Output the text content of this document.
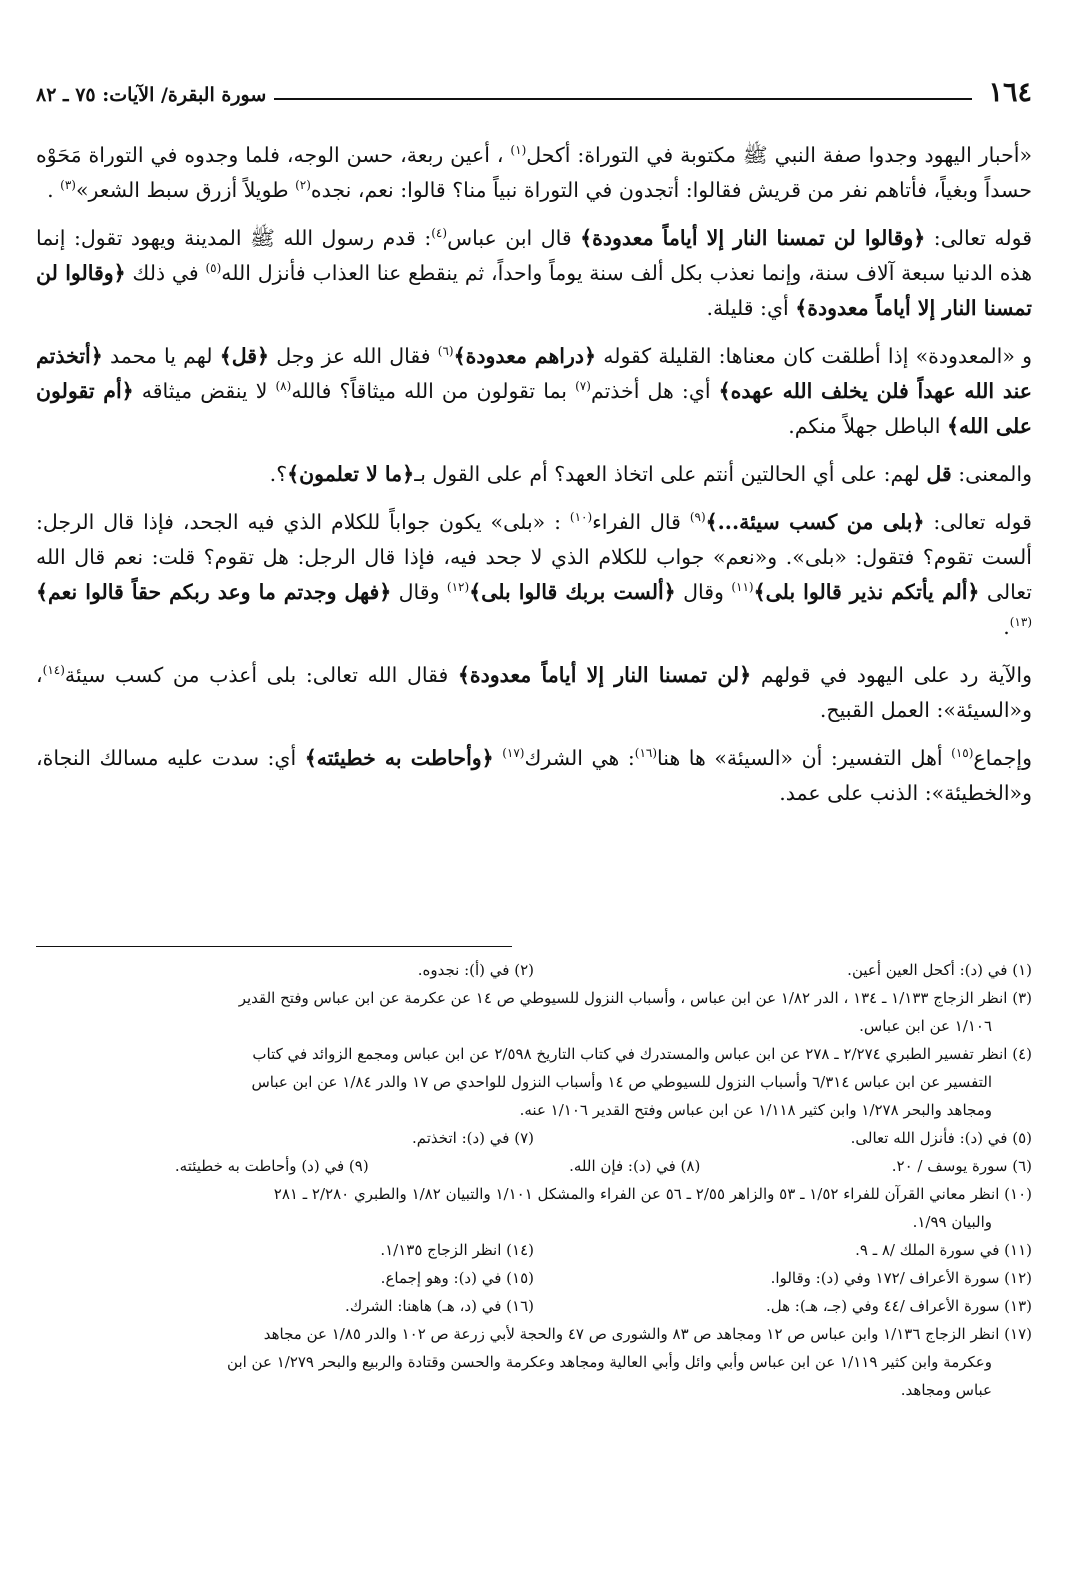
١٦٤
سورة البقرة/ الآيات: ٧٥ ـ ٨٢

«أحبار اليهود وجدوا صفة النبي ﷺ مكتوبة في التوراة: أكحل$^{(١)}$ ، أعين ربعة، حسن الوجه، فلما وجدوه في التوراة مَحَوْه حسداً وبغياً، فأتاهم نفر من قريش فقالوا: أتجدون في التوراة نبياً منا؟ قالوا: نعم، نجده$^{(٢)}$ طويلاً أزرق سبط الشعر»$^{(٣)}$ .

قوله تعالى: ﴿وقالوا لن تمسنا النار إلا أياماً معدودة﴾ قال ابن عباس$^{(٤)}$: قدم رسول الله ﷺ المدينة ويهود تقول: إنما هذه الدنيا سبعة آلاف سنة، وإنما نعذب بكل ألف سنة يوماً واحداً، ثم ينقطع عنا العذاب فأنزل الله$^{(٥)}$ في ذلك ﴿وقالوا لن تمسنا النار إلا أياماً معدودة﴾ أي: قليلة.

و «المعدودة» إذا أطلقت كان معناها: القليلة كقوله ﴿دراهم معدودة﴾$^{(٦)}$ فقال الله عز وجل ﴿قل﴾ لهم يا محمد ﴿أتخذتم عند الله عهداً فلن يخلف الله عهده﴾ أي: هل أخذتم$^{(٧)}$ بما تقولون من الله ميثاقاً؟ فالله$^{(٨)}$ لا ينقض ميثاقه ﴿أم تقولون على الله﴾ الباطل جهلاً منكم.

والمعنى: قل لهم: على أي الحالتين أنتم على اتخاذ العهد؟ أم على القول بـ﴿ما لا تعلمون﴾؟.

قوله تعالى: ﴿بلى من كسب سيئة...﴾$^{(٩)}$ قال الفراء$^{(١٠)}$ : «بلى» يكون جواباً للكلام الذي فيه الجحد، فإذا قال الرجل: ألست تقوم؟ فتقول: «بلى». و«نعم» جواب للكلام الذي لا جحد فيه، فإذا قال الرجل: هل تقوم؟ قلت: نعم قال الله تعالى ﴿ألم يأتكم نذير قالوا بلى﴾$^{(١١)}$ وقال ﴿ألست بربك قالوا بلى﴾$^{(١٢)}$ وقال ﴿فهل وجدتم ما وعد ربكم حقاً قالوا نعم﴾$^{(١٣)}$.

والآية رد على اليهود في قولهم ﴿لن تمسنا النار إلا أياماً معدودة﴾ فقال الله تعالى: بلى أعذب من كسب سيئة$^{(١٤)}$، و«السيئة»: العمل القبيح.

وإجماع$^{(١٥)}$ أهل التفسير: أن «السيئة» ها هنا$^{(١٦)}$: هي الشرك$^{(١٧)}$ ﴿وأحاطت به خطيئته﴾ أي: سدت عليه مسالك النجاة، و«الخطيئة»: الذنب على عمد.

(١) في (د): أكحل العين أعين.
(٢) في (أ): نجدوه.
(٣) انظر الزجاج ١/١٣٣ ـ ١٣٤ ، الدر ١/٨٢ عن ابن عباس ، وأسباب النزول للسيوطي ص ١٤ عن عكرمة عن ابن عباس وفتح القدير
١/١٠٦ عن ابن عباس.
(٤) انظر تفسير الطبري ٢/٢٧٤ ـ ٢٧٨ عن ابن عباس والمستدرك في كتاب التاريخ ٢/٥٩٨ عن ابن عباس ومجمع الزوائد في كتاب
التفسير عن ابن عباس ٦/٣١٤ وأسباب النزول للسيوطي ص ١٤ وأسباب النزول للواحدي ص ١٧ والدر ١/٨٤ عن ابن عباس
ومجاهد والبحر ١/٢٧٨ وابن كثير ١/١١٨ عن ابن عباس وفتح القدير ١/١٠٦ عنه.
(٥) في (د): فأنزل الله تعالى.
(٧) في (د): اتخذتم.
(٦) سورة يوسف / ٢٠.
(٨) في (د): فإن الله.
(٩) في (د) وأحاطت به خطيئته.
(١٠) انظر معاني القرآن للفراء ١/٥٢ ـ ٥٣ والزاهر ٢/٥٥ ـ ٥٦ عن الفراء والمشكل ١/١٠١ والتبيان ١/٨٢ والطبري ٢/٢٨٠ ـ ٢٨١
والبيان ١/٩٩.
(١١) في سورة الملك /٨ ـ ٩.
(١٤) انظر الزجاج ١/١٣٥.
(١٢) سورة الأعراف /١٧٢ وفي (د): وقالوا.
(١٥) في (د): وهو إجماع.
(١٣) سورة الأعراف /٤٤ وفي (جـ، هـ): هل.
(١٦) في (د، هـ) هاهنا: الشرك.
(١٧) انظر الزجاج ١/١٣٦ وابن عباس ص ١٢ ومجاهد ص ٨٣ والشورى ص ٤٧ والحجة لأبي زرعة ص ١٠٢ والدر ١/٨٥ عن مجاهد
وعكرمة وابن كثير ١/١١٩ عن ابن عباس وأبي وائل وأبي العالية ومجاهد وعكرمة والحسن وقتادة والربيع والبحر ١/٢٧٩ عن ابن
عباس ومجاهد.
